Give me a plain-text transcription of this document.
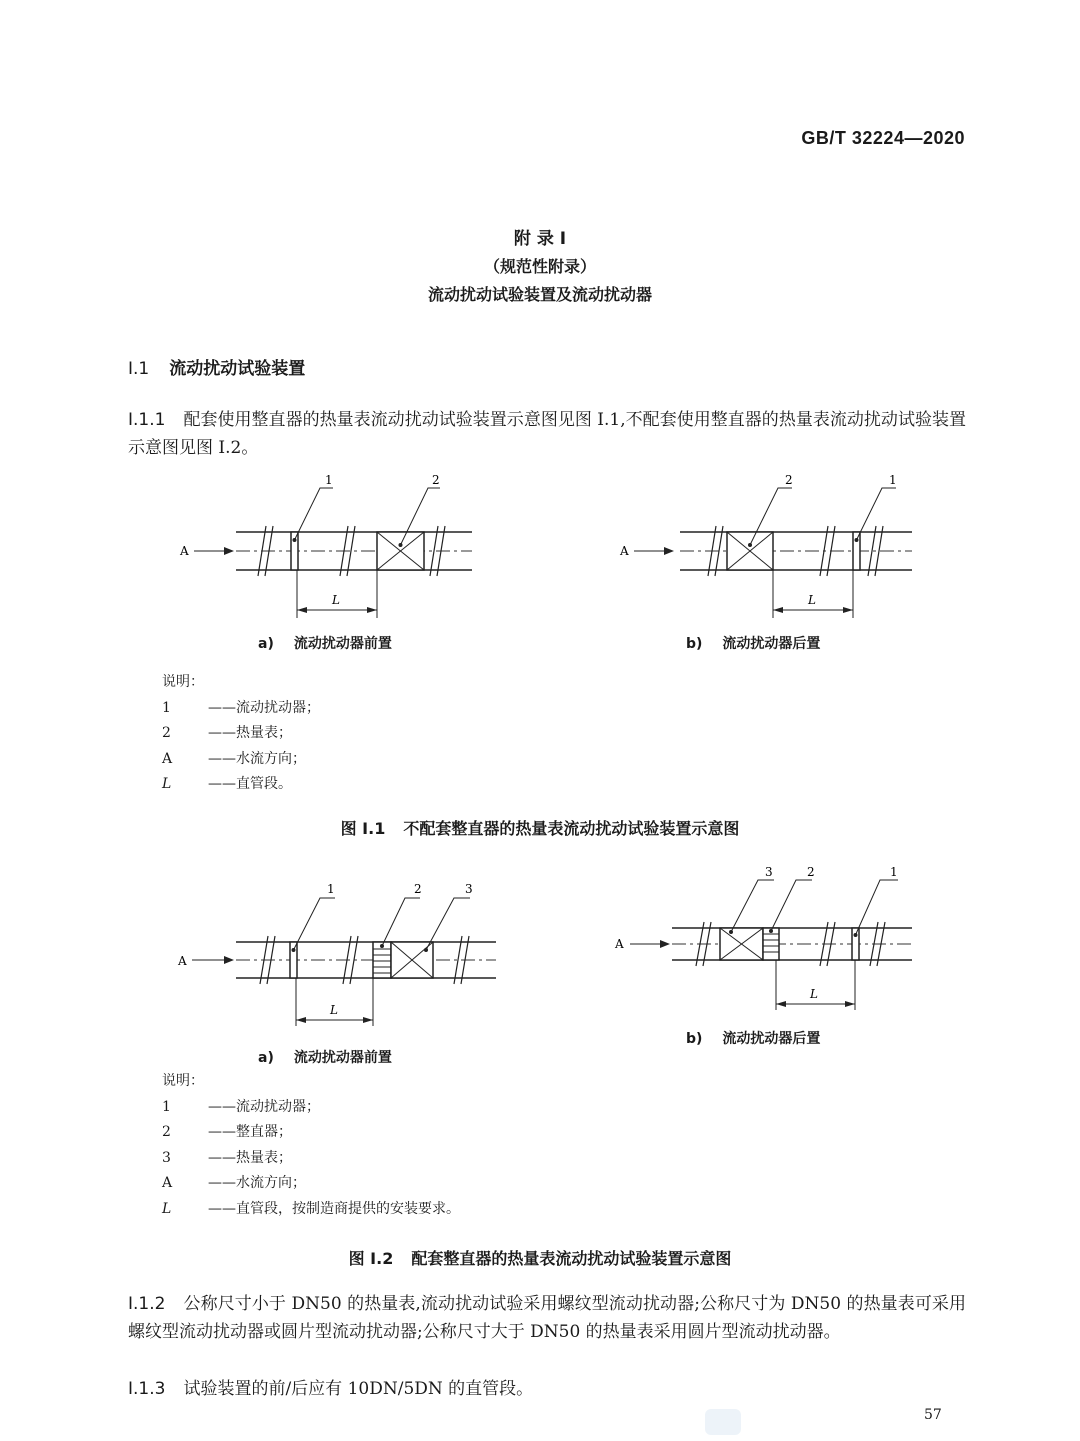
GB/T 32224—2020
附 录 I
（规范性附录）
流动扰动试验装置及流动扰动器
I.1 流动扰动试验装置
I.1.1 配套使用整直器的热量表流动扰动试验装置示意图见图 I.1,不配套使用整直器的热量表流动扰动试验装置示意图见图 I.2。
1	2
A
L
2	1
A
L
a) 流动扰动器前置	b) 流动扰动器后置
说明：
1	——流动扰动器；
2	——热量表；
A	——水流方向；
L	——直管段。
图 I.1 不配套整直器的热量表流动扰动试验装置示意图
1	2	3
A
L
3	2	1
A
L
b) 流动扰动器后置
a) 流动扰动器前置
说明：
1	——流动扰动器；
2	——整直器；
3	——热量表；
A	——水流方向；
L	——直管段，按制造商提供的安装要求。
图 I.2 配套整直器的热量表流动扰动试验装置示意图
I.1.2 公称尺寸小于 DN50 的热量表,流动扰动试验采用螺纹型流动扰动器;公称尺寸为 DN50 的热量表可采用螺纹型流动扰动器或圆片型流动扰动器;公称尺寸大于 DN50 的热量表采用圆片型流动扰动器。
I.1.3 试验装置的前/后应有 10DN/5DN 的直管段。
57
